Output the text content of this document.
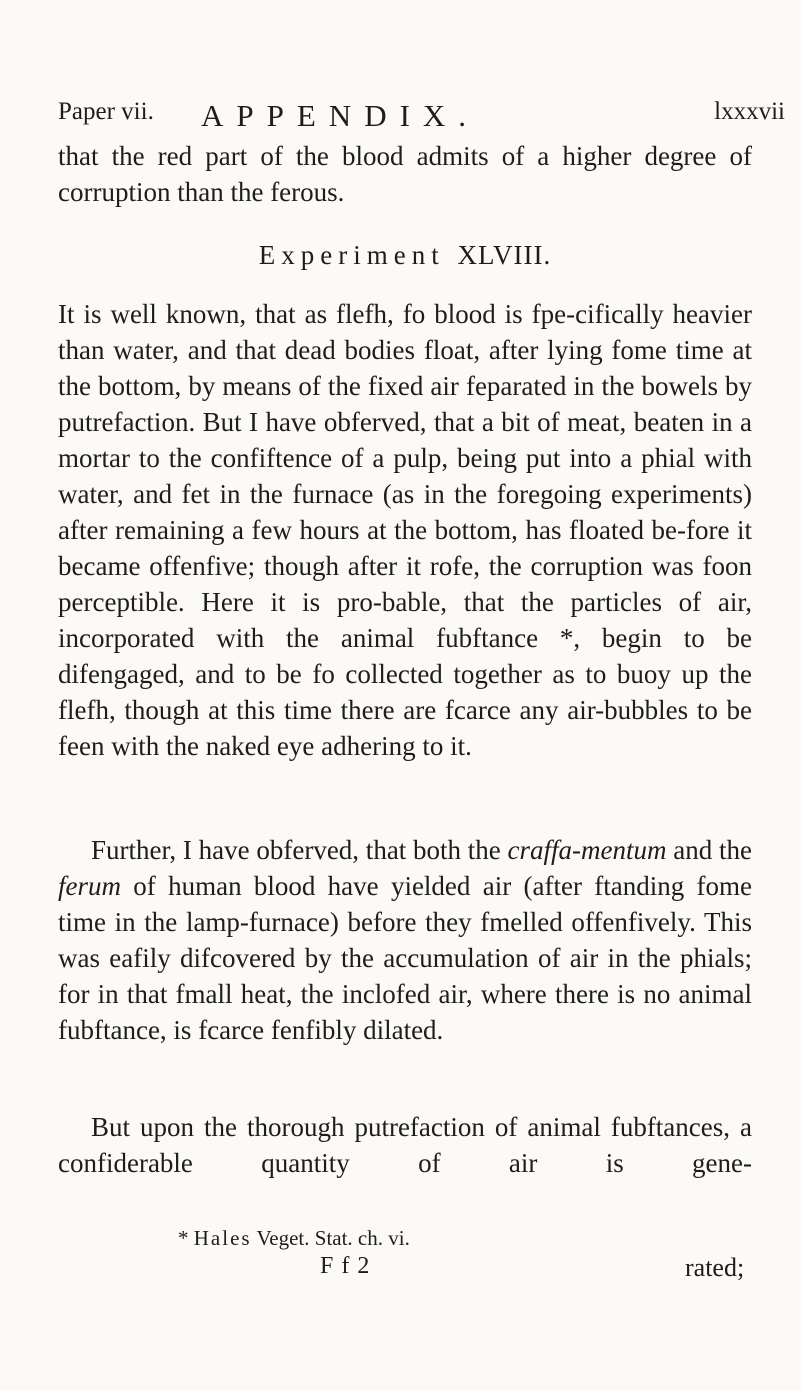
Paper vii. APPENDIX.	lxxxvii
that the red part of the blood admits of a higher degree of corruption than the ferous.
Experiment XLVIII.
It is well known, that as flefh, fo blood is fpe-cifically heavier than water, and that dead bodies float, after lying fome time at the bottom, by means of the fixed air feparated in the bowels by putrefaction. But I have obferved, that a bit of meat, beaten in a mortar to the confiftence of a pulp, being put into a phial with water, and fet in the furnace (as in the foregoing experiments) after remaining a few hours at the bottom, has floated be-fore it became offenfive; though after it rofe, the corruption was foon perceptible. Here it is pro-bable, that the particles of air, incorporated with the animal fubftance *, begin to be difengaged, and to be fo collected together as to buoy up the flefh, though at this time there are fcarce any air-bubbles to be feen with the naked eye adhering to it.
Further, I have obferved, that both the craffa-mentum and the ferum of human blood have yielded air (after ftanding fome time in the lamp-furnace) before they fmelled offenfively. This was eafily difcovered by the accumulation of air in the phials; for in that fmall heat, the inclofed air, where there is no animal fubftance, is fcarce fenfibly dilated.
But upon the thorough putrefaction of animal fubftances, a confiderable quantity of air is gene-
* Hales Veget. Stat. ch. vi.
Ff2	rated;
